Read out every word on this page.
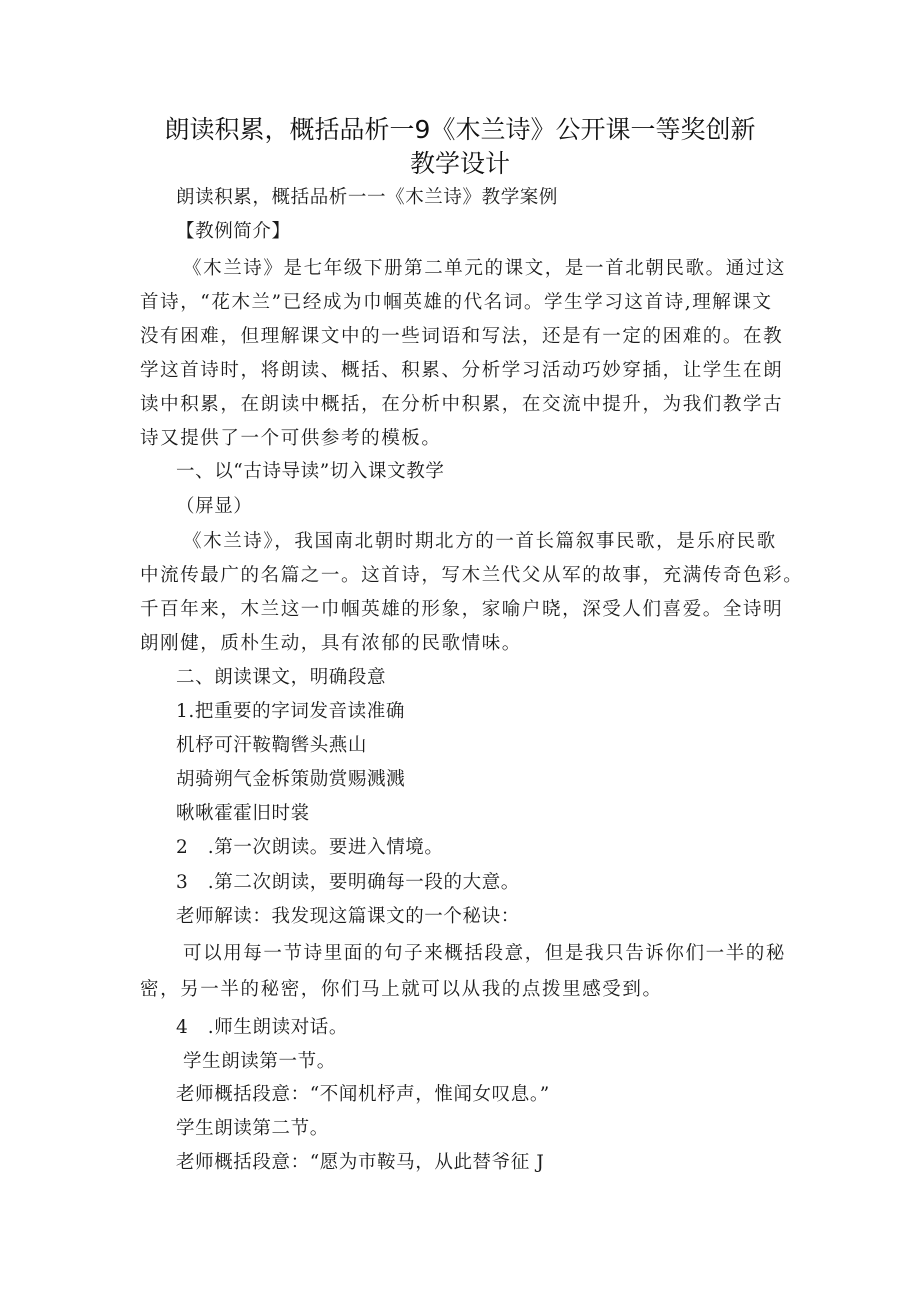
朗读积累，概括品析一9《木兰诗》公开课一等奖创新
教学设计
朗读积累，概括品析一一《木兰诗》教学案例
【教例简介】
《木兰诗》是七年级下册第二单元的课文，是一首北朝民歌。通过这
首诗，“花木兰”已经成为巾帼英雄的代名词。学生学习这首诗,理解课文
没有困难，但理解课文中的一些词语和写法，还是有一定的困难的。在教
学这首诗时，将朗读、概括、积累、分析学习活动巧妙穿插，让学生在朗
读中积累，在朗读中概括，在分析中积累，在交流中提升，为我们教学古
诗又提供了一个可供参考的模板。
一、以“古诗导读”切入课文教学
（屏显）
《木兰诗》，我国南北朝时期北方的一首长篇叙事民歌，是乐府民歌
中流传最广的名篇之一。这首诗，写木兰代父从军的故事，充满传奇色彩。
千百年来，木兰这一巾帼英雄的形象，家喻户晓，深受人们喜爱。全诗明
朗刚健，质朴生动，具有浓郁的民歌情味。
二、朗读课文，明确段意
1.把重要的字词发音读准确
机杼可汗鞍鞫辔头燕山
胡骑朔气金柝策勋赏赐溅溅
啾啾霍霍旧时裳
2   .第一次朗读。要进入情境。
3   .第二次朗读，要明确每一段的大意。
老师解读：我发现这篇课文的一个秘诀：
可以用每一节诗里面的句子来概括段意，但是我只告诉你们一半的秘
密，另一半的秘密，你们马上就可以从我的点拨里感受到。
4   .师生朗读对话。
学生朗读第一节。
老师概括段意：“不闻机杼声，惟闻女叹息。”
学生朗读第二节。
老师概括段意：“愿为市鞍马，从此替爷征 J
